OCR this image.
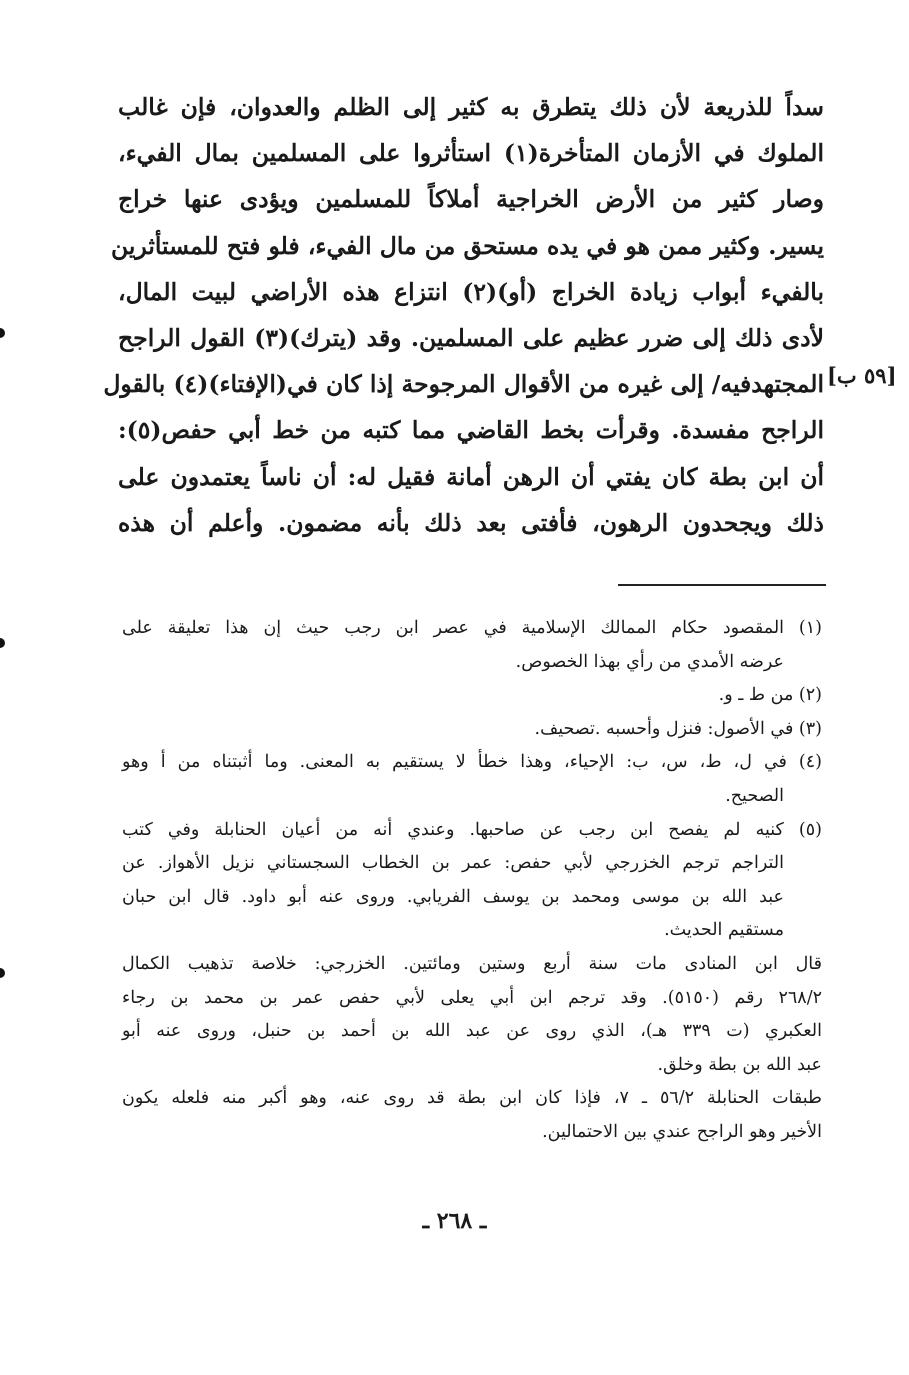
سداً للذريعة لأن ذلك يتطرق به كثير إلى الظلم والعدوان، فإن غالب
الملوك في الأزمان المتأخرة(١) استأثروا على المسلمين بمال الفيء،
وصار كثير من الأرض الخراجية أملاكاً للمسلمين ويؤدى عنها خراج
يسير. وكثير ممن هو في يده مستحق من مال الفيء، فلو فتح للمستأثرين
بالفيء أبواب زيادة الخراج (أو)(٢) انتزاع هذه الأراضي لبيت المال،
لأدى ذلك إلى ضرر عظيم على المسلمين. وقد (يترك)(٣) القول الراجح
المجتهدفيه/ إلى غيره من الأقوال المرجوحة إذا كان في(الإفتاء)(٤) بالقول
الراجح مفسدة. وقرأت بخط القاضي مما كتبه من خط أبي حفص(٥):
أن ابن بطة كان يفتي أن الرهن أمانة فقيل له: أن ناساً يعتمدون على
ذلك ويجحدون الرهون، فأفتى بعد ذلك بأنه مضمون. وأعلم أن هذه
[٥٩ ب]
(١) المقصود حكام الممالك الإسلامية في عصر ابن رجب حيث إن هذا تعليقة على
عرضه الأمدي من رأي بهذا الخصوص.
(٢) من ط ـ و.
(٣) في الأصول: فنزل وأحسبه .تصحيف.
(٤) في ل، ط، س، ب: الإحياء، وهذا خطأ لا يستقيم به المعنى. وما أثبتناه من أ وهو
الصحيح.
(٥) كنيه لم يفصح ابن رجب عن صاحبها. وعندي أنه من أعيان الحنابلة وفي كتب
التراجم ترجم الخزرجي لأبي حفص: عمر بن الخطاب السجستاني نزيل الأهواز. عن
عبد الله بن موسى ومحمد بن يوسف الفريابي. وروى عنه أبو داود. قال ابن حبان
مستقيم الحديث.
قال ابن المنادى مات سنة أربع وستين ومائتين. الخزرجي: خلاصة تذهيب الكمال
٢٦٨/٢ رقم (٥١٥٠). وقد ترجم ابن أبي يعلى لأبي حفص عمر بن محمد بن رجاء
العكبري (ت ٣٣٩ هـ)، الذي روى عن عبد الله بن أحمد بن حنبل، وروى عنه أبو
عبد الله بن بطة وخلق.
طبقات الحنابلة ٥٦/٢ ـ ٧، فإذا كان ابن بطة قد روى عنه، وهو أكبر منه فلعله يكون
الأخير وهو الراجح عندي بين الاحتمالين.
ـ ٢٦٨ ـ
